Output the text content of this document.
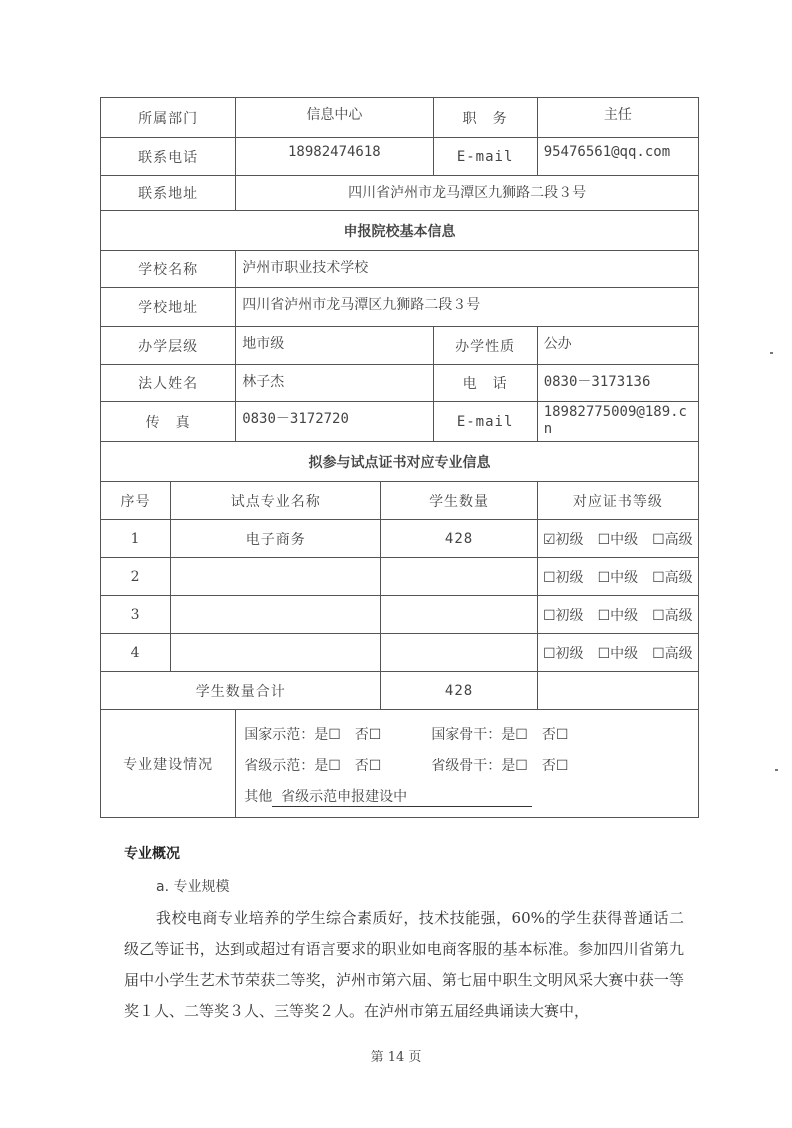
所属部门		信息中心		职　务	主任
联系电话		18982474618		E-mail	95476561@qq.com
联系地址		四川省泸州市龙马潭区九狮路二段３号			
申报院校基本信息					
学校名称		泸州市职业技术学校			
学校地址		四川省泸州市龙马潭区九狮路二段３号			
办学层级		地市级		办学性质	公办
法人姓名		林子杰		电　话	0830－3173136
传　真		0830－3172720		E-mail	18982775009@189.cn
拟参与试点证书对应专业信息					
序号	试点专业名称		学生数量		对应证书等级
1	电子商务		428		☑初级 ☐中级 ☐高级
2					☐初级 ☐中级 ☐高级
3					☐初级 ☐中级 ☐高级
4					☐初级 ☐中级 ☐高级
学生数量合计			428		
专业建设情况		国家示范：是☐　否☐ 国家骨干：是☐　否☐
省级示范：是☐　否☐ 省级骨干：是☐　否☐
其他 省级示范申报建设中			
专业概况
a. 专业规模

我校电商专业培养的学生综合素质好，技术技能强，60%的学生获得普通话二级乙等证书，达到或超过有语言要求的职业如电商客服的基本标准。参加四川省第九届中小学生艺术节荣获二等奖，泸州市第六届、第七届中职生文明风采大赛中获一等奖１人、二等奖３人、三等奖２人。在泸州市第五届经典诵读大赛中，

第 14 页
